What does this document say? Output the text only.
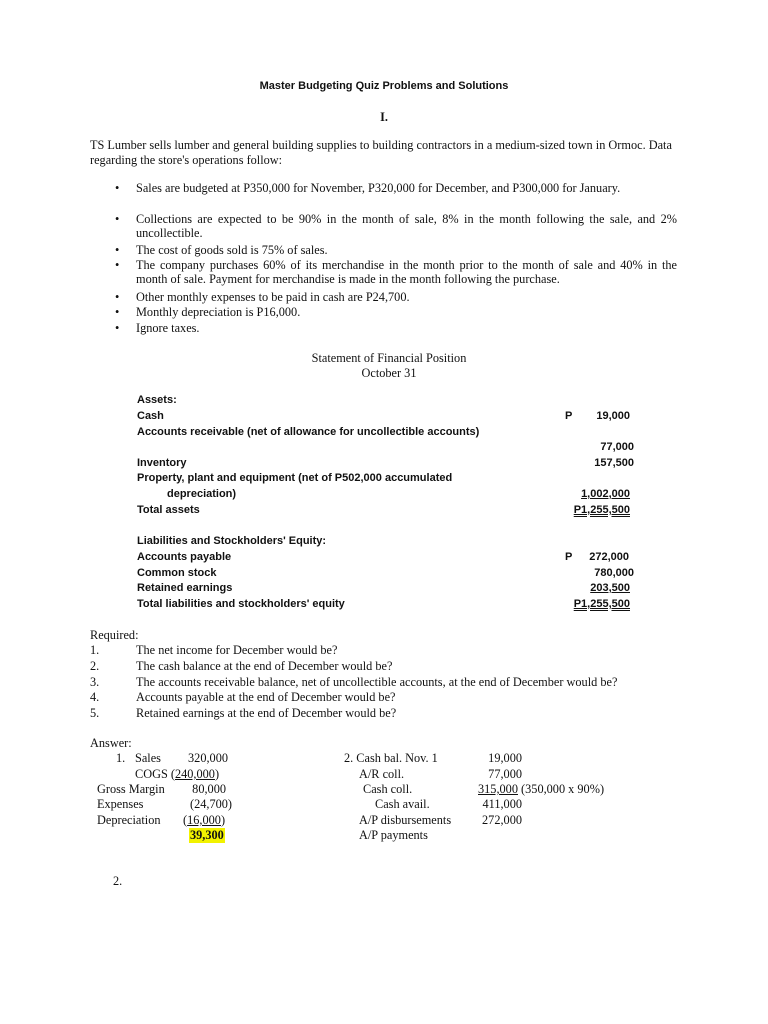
Master Budgeting Quiz Problems and Solutions
I.
TS Lumber sells lumber and general building supplies to building contractors in a medium-sized town in Ormoc. Data regarding the store's operations follow:
• Sales are budgeted at P350,000 for November, P320,000 for December, and P300,000 for January.
• Collections are expected to be 90% in the month of sale, 8% in the month following the sale, and 2% uncollectible.
• The cost of goods sold is 75% of sales.
• The company purchases 60% of its merchandise in the month prior to the month of sale and 40% in the month of sale. Payment for merchandise is made in the month following the purchase.
• Other monthly expenses to be paid in cash are P24,700.
• Monthly depreciation is P16,000.
• Ignore taxes.
Statement of Financial Position
October 31
Assets:
Cash	P	19,000
Accounts receivable (net of allowance for uncollectible accounts)
77,000
Inventory	157,500
Property, plant and equipment (net of P502,000 accumulated
depreciation)	1,002,000
Total assets	P1,255,500
Liabilities and Stockholders' Equity:
Accounts payable	P	272,000
Common stock	780,000
Retained earnings	203,500
Total liabilities and stockholders' equity	P1,255,500
Required:
1.	The net income for December would be?
2.	The cash balance at the end of December would be?
3.	The accounts receivable balance, net of uncollectible accounts, at the end of December would be?
4.	Accounts payable at the end of December would be?
5.	Retained earnings at the end of December would be?
Answer:
1. Sales	320,000
COGS (240,000)
Gross Margin	80,000
Expenses	(24,700)
Depreciation (16,000)
39,300
2. Cash bal. Nov. 1	19,000
A/R coll.	77,000
Cash coll.	315,000 (350,000 x 90%)
Cash avail.	411,000
A/P disbursements	272,000
A/P payments
2.
